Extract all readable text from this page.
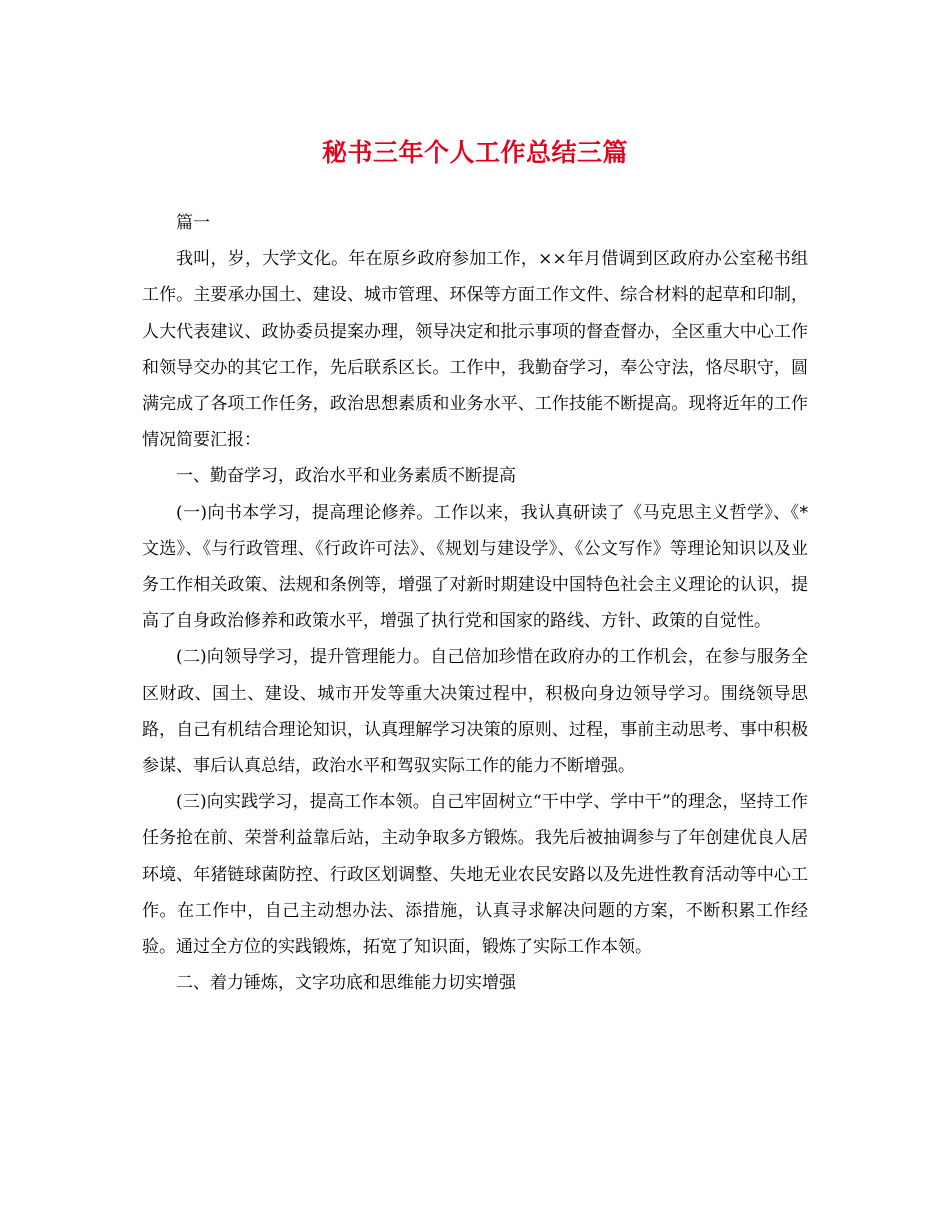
秘书三年个人工作总结三篇

篇一

我叫，岁，大学文化。年在原乡政府参加工作，××年月借调到区政府办公室秘书组工作。主要承办国土、建设、城市管理、环保等方面工作文件、综合材料的起草和印制，人大代表建议、政协委员提案办理，领导决定和批示事项的督查督办，全区重大中心工作和领导交办的其它工作，先后联系区长。工作中，我勤奋学习，奉公守法，恪尽职守，圆满完成了各项工作任务，政治思想素质和业务水平、工作技能不断提高。现将近年的工作情况简要汇报：

一、勤奋学习，政治水平和业务素质不断提高

(一)向书本学习，提高理论修养。工作以来，我认真研读了《马克思主义哲学》、《*文选》、《与行政管理、《行政许可法》、《规划与建设学》、《公文写作》等理论知识以及业务工作相关政策、法规和条例等，增强了对新时期建设中国特色社会主义理论的认识，提高了自身政治修养和政策水平，增强了执行党和国家的路线、方针、政策的自觉性。

(二)向领导学习，提升管理能力。自己倍加珍惜在政府办的工作机会，在参与服务全区财政、国土、建设、城市开发等重大决策过程中，积极向身边领导学习。围绕领导思路，自己有机结合理论知识，认真理解学习决策的原则、过程，事前主动思考、事中积极参谋、事后认真总结，政治水平和驾驭实际工作的能力不断增强。

(三)向实践学习，提高工作本领。自己牢固树立“干中学、学中干”的理念，坚持工作任务抢在前、荣誉利益靠后站，主动争取多方锻炼。我先后被抽调参与了年创建优良人居环境、年猪链球菌防控、行政区划调整、失地无业农民安路以及先进性教育活动等中心工作。在工作中，自己主动想办法、添措施，认真寻求解决问题的方案，不断积累工作经验。通过全方位的实践锻炼，拓宽了知识面，锻炼了实际工作本领。

二、着力锤炼，文字功底和思维能力切实增强
